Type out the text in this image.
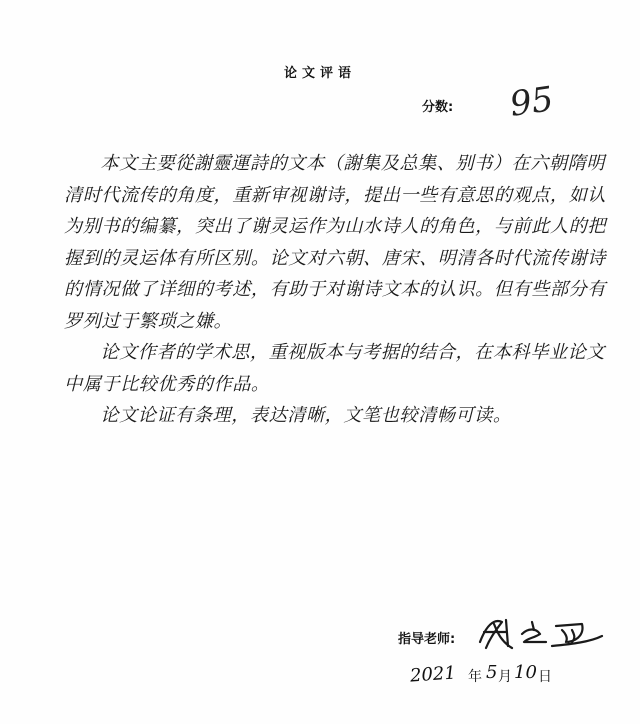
论文评语
分数: 95

本文主要從謝靈運詩的文本（謝集及总集、别书）在六朝隋明清时代流传的角度，重新审视谢诗，提出一些有意思的观点，如认为别书的编纂，突出了谢灵运作为山水诗人的角色，与前此人的把握到的灵运体有所区别。论文对六朝、唐宋、明清各时代流传谢诗的情况做了详细的考述，有助于对谢诗文本的认识。但有些部分有罗列过于繁琐之嫌。

论文作者的学术思，重视版本与考据的结合，在本科毕业论文中属于比较优秀的作品。

论文论证有条理，表达清晰，文笔也较清畅可读。

指导老师:
2021 年 5 月 10 日
